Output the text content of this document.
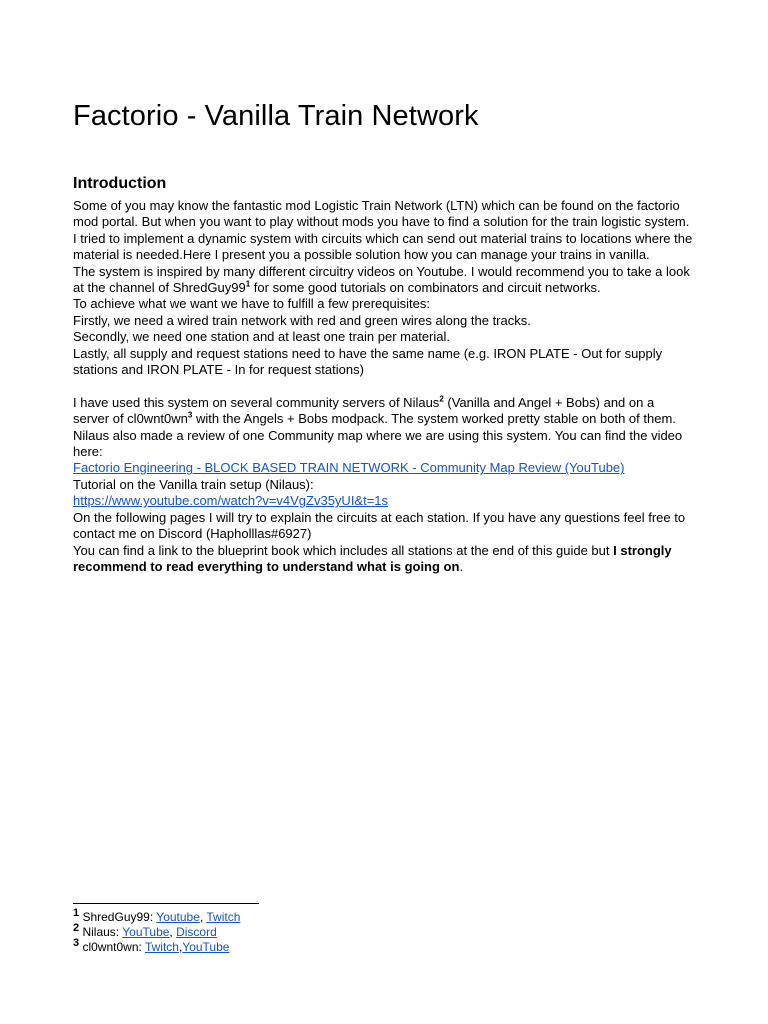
Factorio - Vanilla Train Network
Introduction

Some of you may know the fantastic mod Logistic Train Network (LTN) which can be found on the factorio mod portal. But when you want to play without mods you have to find a solution for the train logistic system.

I tried to implement a dynamic system with circuits which can send out material trains to locations where the material is needed.Here I present you a possible solution how you can manage your trains in vanilla.

The system is inspired by many different circuitry videos on Youtube. I would recommend you to take a look at the channel of $ShredGuy99^1$ for some good tutorials on combinators and circuit networks.

To achieve what we want we have to fulfill a few prerequisites:

Firstly, we need a wired train network with red and green wires along the tracks.

Secondly, we need one station and at least one train per material.

Lastly, all supply and request stations need to have the same name (e.g. IRON PLATE - Out for supply stations and IRON PLATE - In for request stations)

I have used this system on several community servers of Nilaus$^2$ (Vanilla and Angel + Bobs) and on a server of $cl0wnt0wn^3$ with the Angels + Bobs modpack. The system worked pretty stable on both of them. Nilaus also made a review of one Community map where we are using this system. You can find the video here:

Factorio Engineering - BLOCK BASED TRAIN NETWORK - Community Map Review (YouTube)

Tutorial on the Vanilla train setup (Nilaus):

https://www.youtube.com/watch?v=v4VgZv35yUI&t=1s

On the following pages I will try to explain the circuits at each station. If you have any questions feel free to contact me on Discord (Hapholllas#6927)

You can find a link to the blueprint book which includes all stations at the end of this guide but I strongly recommend to read everything to understand what is going on.

$^1$ ShredGuy99: Youtube, Twitch

$^2$ Nilaus: YouTube, Discord

$^3$ cl0wnt0wn: Twitch,YouTube
